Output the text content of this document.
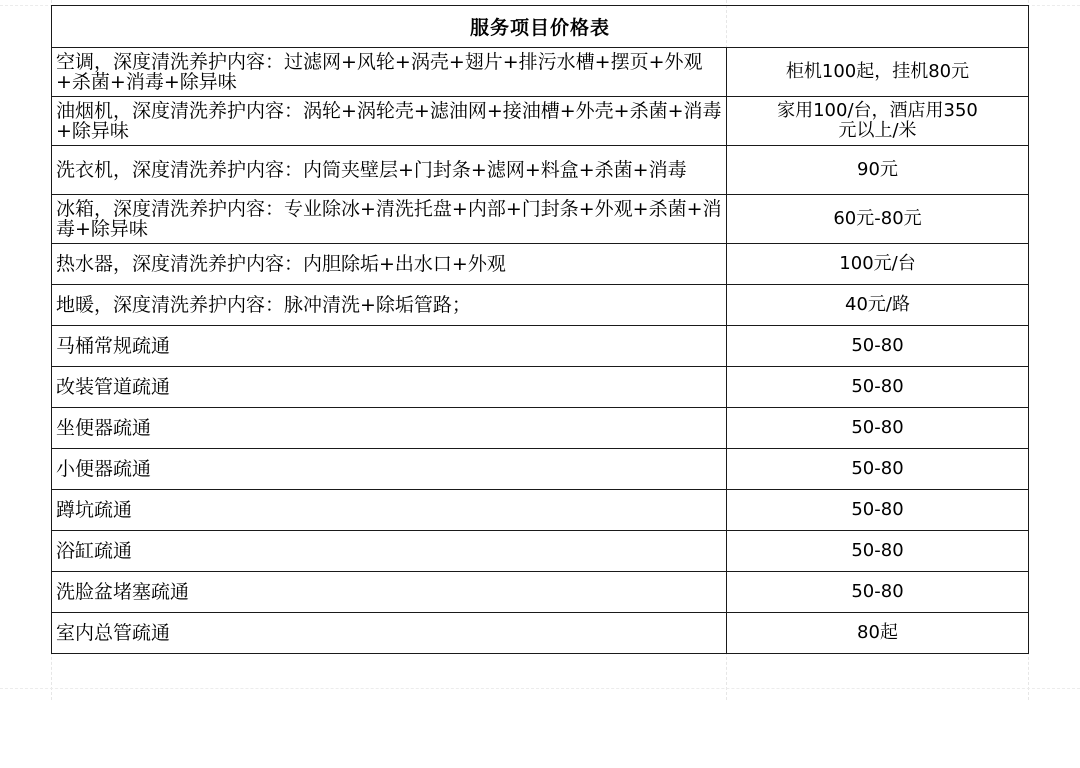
服务项目价格表	
空调，深度清洗养护内容：过滤网+风轮+涡壳+翅片+排污水槽+摆页+外观+杀菌+消毒+除异味	柜机100起，挂机80元
油烟机，深度清洗养护内容：涡轮+涡轮壳+滤油网+接油槽+外壳+杀菌+消毒+除异味	家用100/台，酒店用350元以上/米
洗衣机，深度清洗养护内容：内筒夹壁层+门封条+滤网+料盒+杀菌+消毒	90元
冰箱，深度清洗养护内容：专业除冰+清洗托盘+内部+门封条+外观+杀菌+消毒+除异味	60元-80元
热水器，深度清洗养护内容：内胆除垢+出水口+外观	100元/台
地暖，深度清洗养护内容：脉冲清洗+除垢管路；	40元/路
马桶常规疏通	50-80
改装管道疏通	50-80
坐便器疏通	50-80
小便器疏通	50-80
蹲坑疏通	50-80
浴缸疏通	50-80
洗脸盆堵塞疏通	50-80
室内总管疏通	80起
